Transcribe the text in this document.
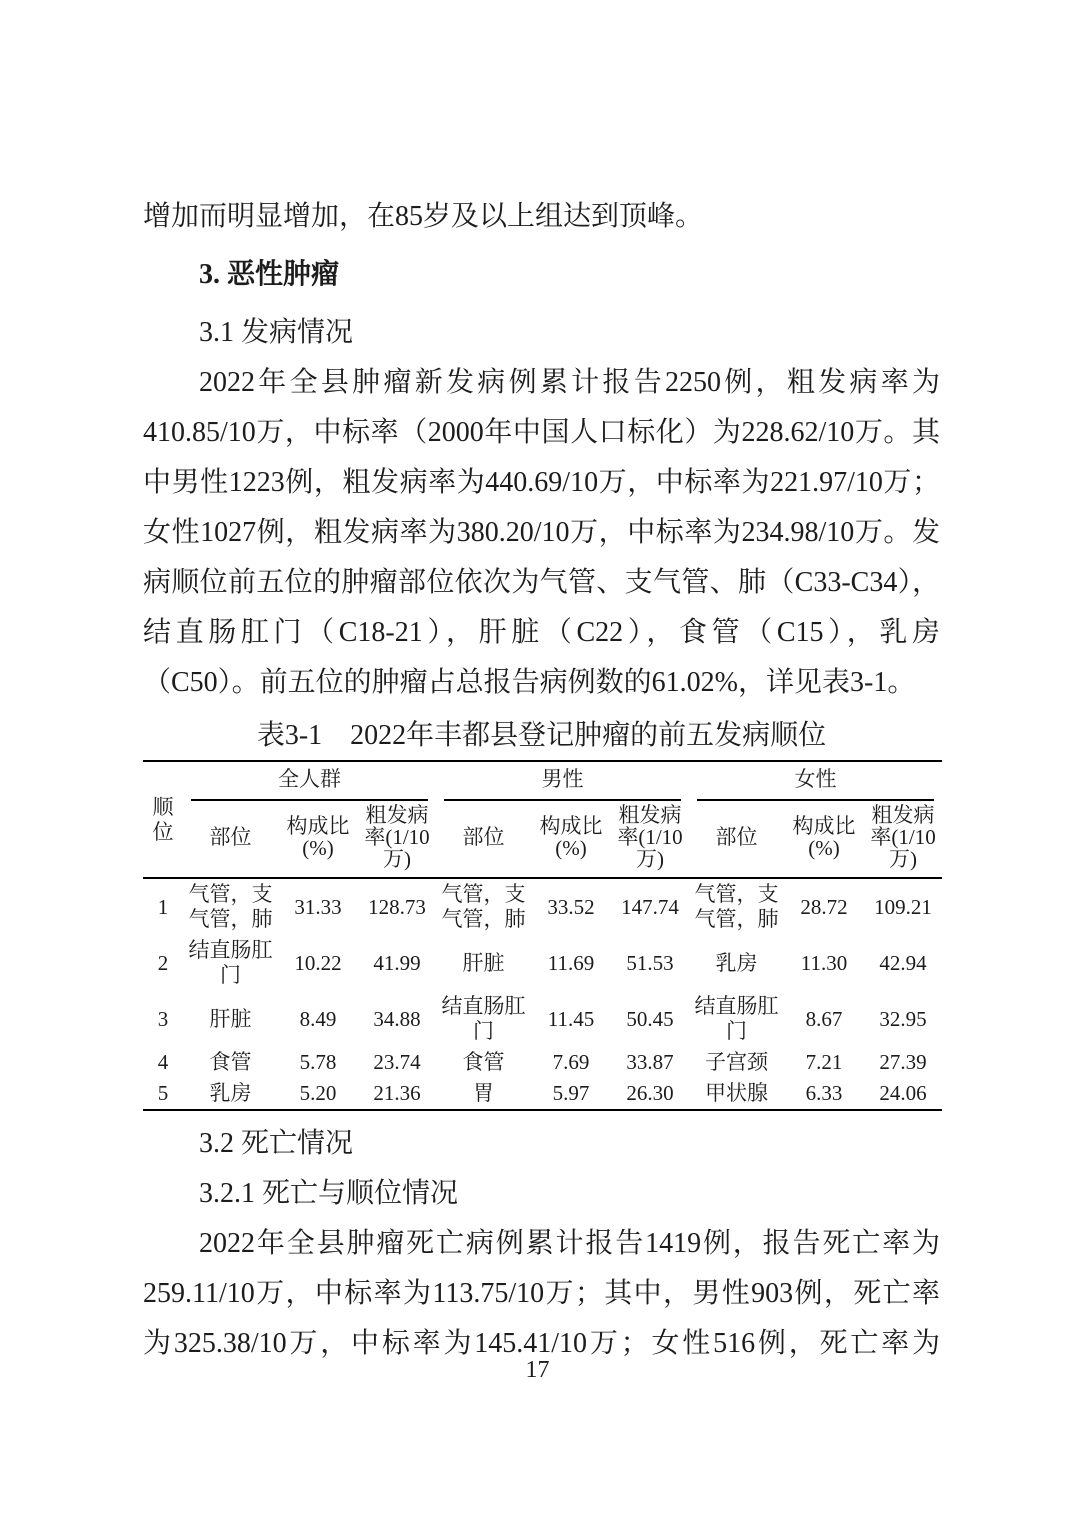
增加而明显增加，在85岁及以上组达到顶峰。

3. 恶性肿瘤

3.1 发病情况

2022年全县肿瘤新发病例累计报告2250例，粗发病率为410.85/10万，中标率（2000年中国人口标化）为228.62/10万。其中男性1223例，粗发病率为440.69/10万，中标率为221.97/10万；女性1027例，粗发病率为380.20/10万，中标率为234.98/10万。发病顺位前五位的肿瘤部位依次为气管、支气管、肺（C33-C34），结直肠肛门（C18-21），肝脏（C22），食管（C15），乳房（C50）。前五位的肿瘤占总报告病例数的61.02%，详见表3-1。

表3-1　2022年丰都县登记肿瘤的前五发病顺位

顺位	全人群			男性			女性		

	部位	构成比(%)	粗发病率(1/10万)	部位	构成比(%)	粗发病率(1/10万)	部位	构成比(%)	粗发病率(1/10万)
1	气管，支气管，肺	31.33	128.73	气管，支气管，肺	33.52	147.74	气管，支气管，肺	28.72	109.21
2	结直肠肛门	10.22	41.99	肝脏	11.69	51.53	乳房	11.30	42.94
3	肝脏	8.49	34.88	结直肠肛门	11.45	50.45	结直肠肛门	8.67	32.95
4	食管	5.78	23.74	食管	7.69	33.87	子宫颈	7.21	27.39
5	乳房	5.20	21.36	胃	5.97	26.30	甲状腺	6.33	24.06

3.2 死亡情况

3.2.1 死亡与顺位情况

2022年全县肿瘤死亡病例累计报告1419例，报告死亡率为259.11/10万，中标率为113.75/10万；其中，男性903例，死亡率为325.38/10万，中标率为145.41/10万；女性516例，死亡率为

17
